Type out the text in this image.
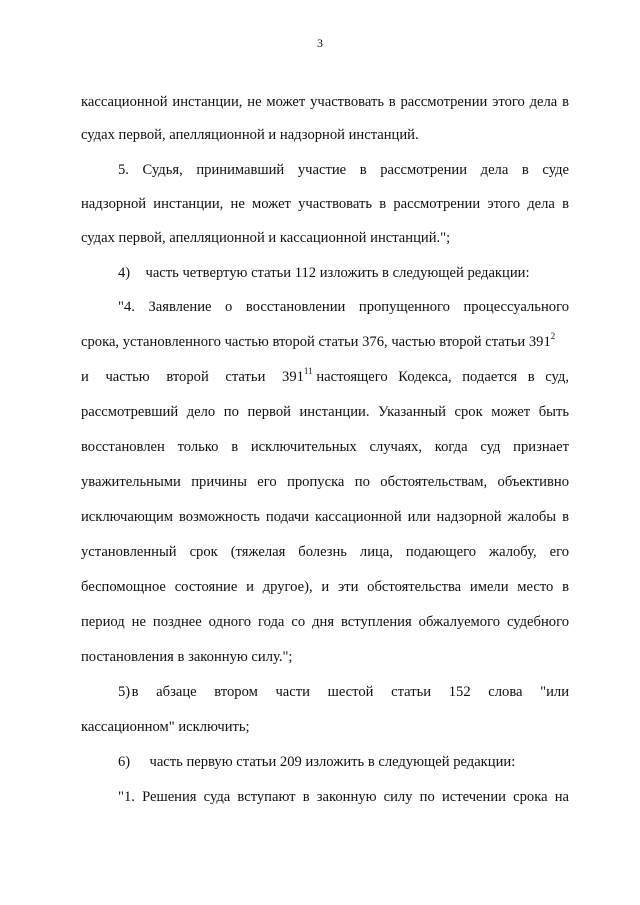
3
кассационной инстанции, не может участвовать в рассмотрении этого дела в
судах первой, апелляционной и надзорной инстанций.
5. Судья, принимавший участие в рассмотрении дела в суде
надзорной инстанции, не может участвовать в рассмотрении этого дела в
судах первой, апелляционной и кассационной инстанций.";
4) часть четвертую статьи 112 изложить в следующей редакции:
"4. Заявление о восстановлении пропущенного процессуального
срока, установленного частью второй статьи 376, частью второй статьи $391^2$
и частью второй статьи $391^{11}$ настоящего Кодекса, подается в суд,
рассмотревший дело по первой инстанции. Указанный срок может быть
восстановлен только в исключительных случаях, когда суд признает
уважительными причины его пропуска по обстоятельствам, объективно
исключающим возможность подачи кассационной или надзорной жалобы в
установленный срок (тяжелая болезнь лица, подающего жалобу, его
беспомощное состояние и другое), и эти обстоятельства имели место в
период не позднее одного года со дня вступления обжалуемого судебного
постановления в законную силу.";
5) в абзаце втором части шестой статьи 152 слова "или
кассационном" исключить;
6) часть первую статьи 209 изложить в следующей редакции:
"1. Решения суда вступают в законную силу по истечении срока на
